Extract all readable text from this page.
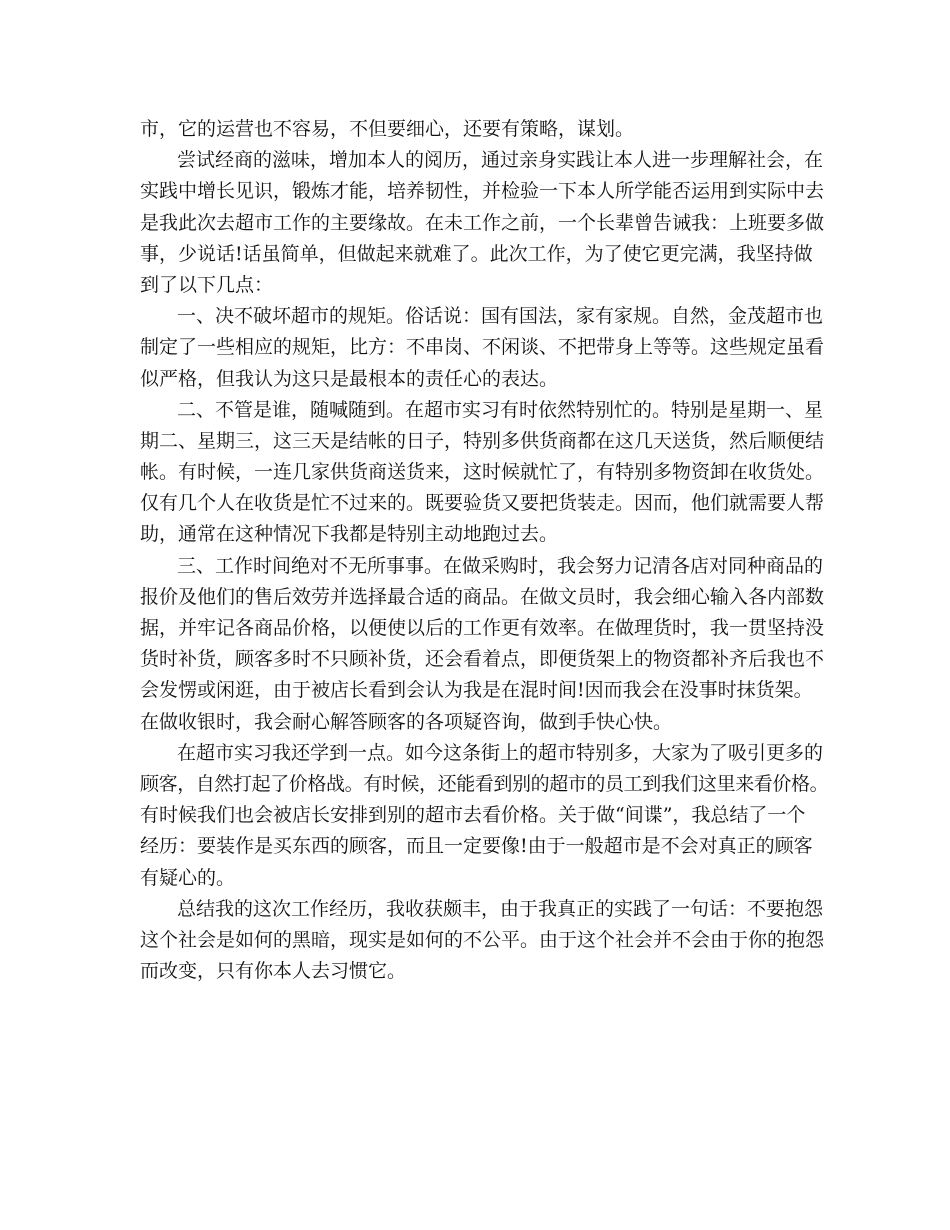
市，它的运营也不容易，不但要细心，还要有策略，谋划。
尝试经商的滋味，增加本人的阅历，通过亲身实践让本人进一步理解社会，在
实践中增长见识，锻炼才能，培养韧性，并检验一下本人所学能否运用到实际中去
是我此次去超市工作的主要缘故。在未工作之前，一个长辈曾告诫我：上班要多做
事，少说话!话虽简单，但做起来就难了。此次工作，为了使它更完满，我坚持做
到了以下几点：
一、决不破坏超市的规矩。俗话说：国有国法，家有家规。自然，金茂超市也
制定了一些相应的规矩，比方：不串岗、不闲谈、不把带身上等等。这些规定虽看
似严格，但我认为这只是最根本的责任心的表达。
二、不管是谁，随喊随到。在超市实习有时依然特别忙的。特别是星期一、星
期二、星期三，这三天是结帐的日子，特别多供货商都在这几天送货，然后顺便结
帐。有时候，一连几家供货商送货来，这时候就忙了，有特别多物资卸在收货处。
仅有几个人在收货是忙不过来的。既要验货又要把货装走。因而，他们就需要人帮
助，通常在这种情况下我都是特别主动地跑过去。
三、工作时间绝对不无所事事。在做采购时，我会努力记清各店对同种商品的
报价及他们的售后效劳并选择最合适的商品。在做文员时，我会细心输入各内部数
据，并牢记各商品价格，以便使以后的工作更有效率。在做理货时，我一贯坚持没
货时补货，顾客多时不只顾补货，还会看着点，即便货架上的物资都补齐后我也不
会发愣或闲逛，由于被店长看到会认为我是在混时间!因而我会在没事时抹货架。
在做收银时，我会耐心解答顾客的各项疑咨询，做到手快心快。
在超市实习我还学到一点。如今这条街上的超市特别多，大家为了吸引更多的
顾客，自然打起了价格战。有时候，还能看到别的超市的员工到我们这里来看价格。
有时候我们也会被店长安排到别的超市去看价格。关于做“间谍”，我总结了一个
经历：要装作是买东西的顾客，而且一定要像!由于一般超市是不会对真正的顾客
有疑心的。
总结我的这次工作经历，我收获颇丰，由于我真正的实践了一句话：不要抱怨
这个社会是如何的黑暗，现实是如何的不公平。由于这个社会并不会由于你的抱怨
而改变，只有你本人去习惯它。
